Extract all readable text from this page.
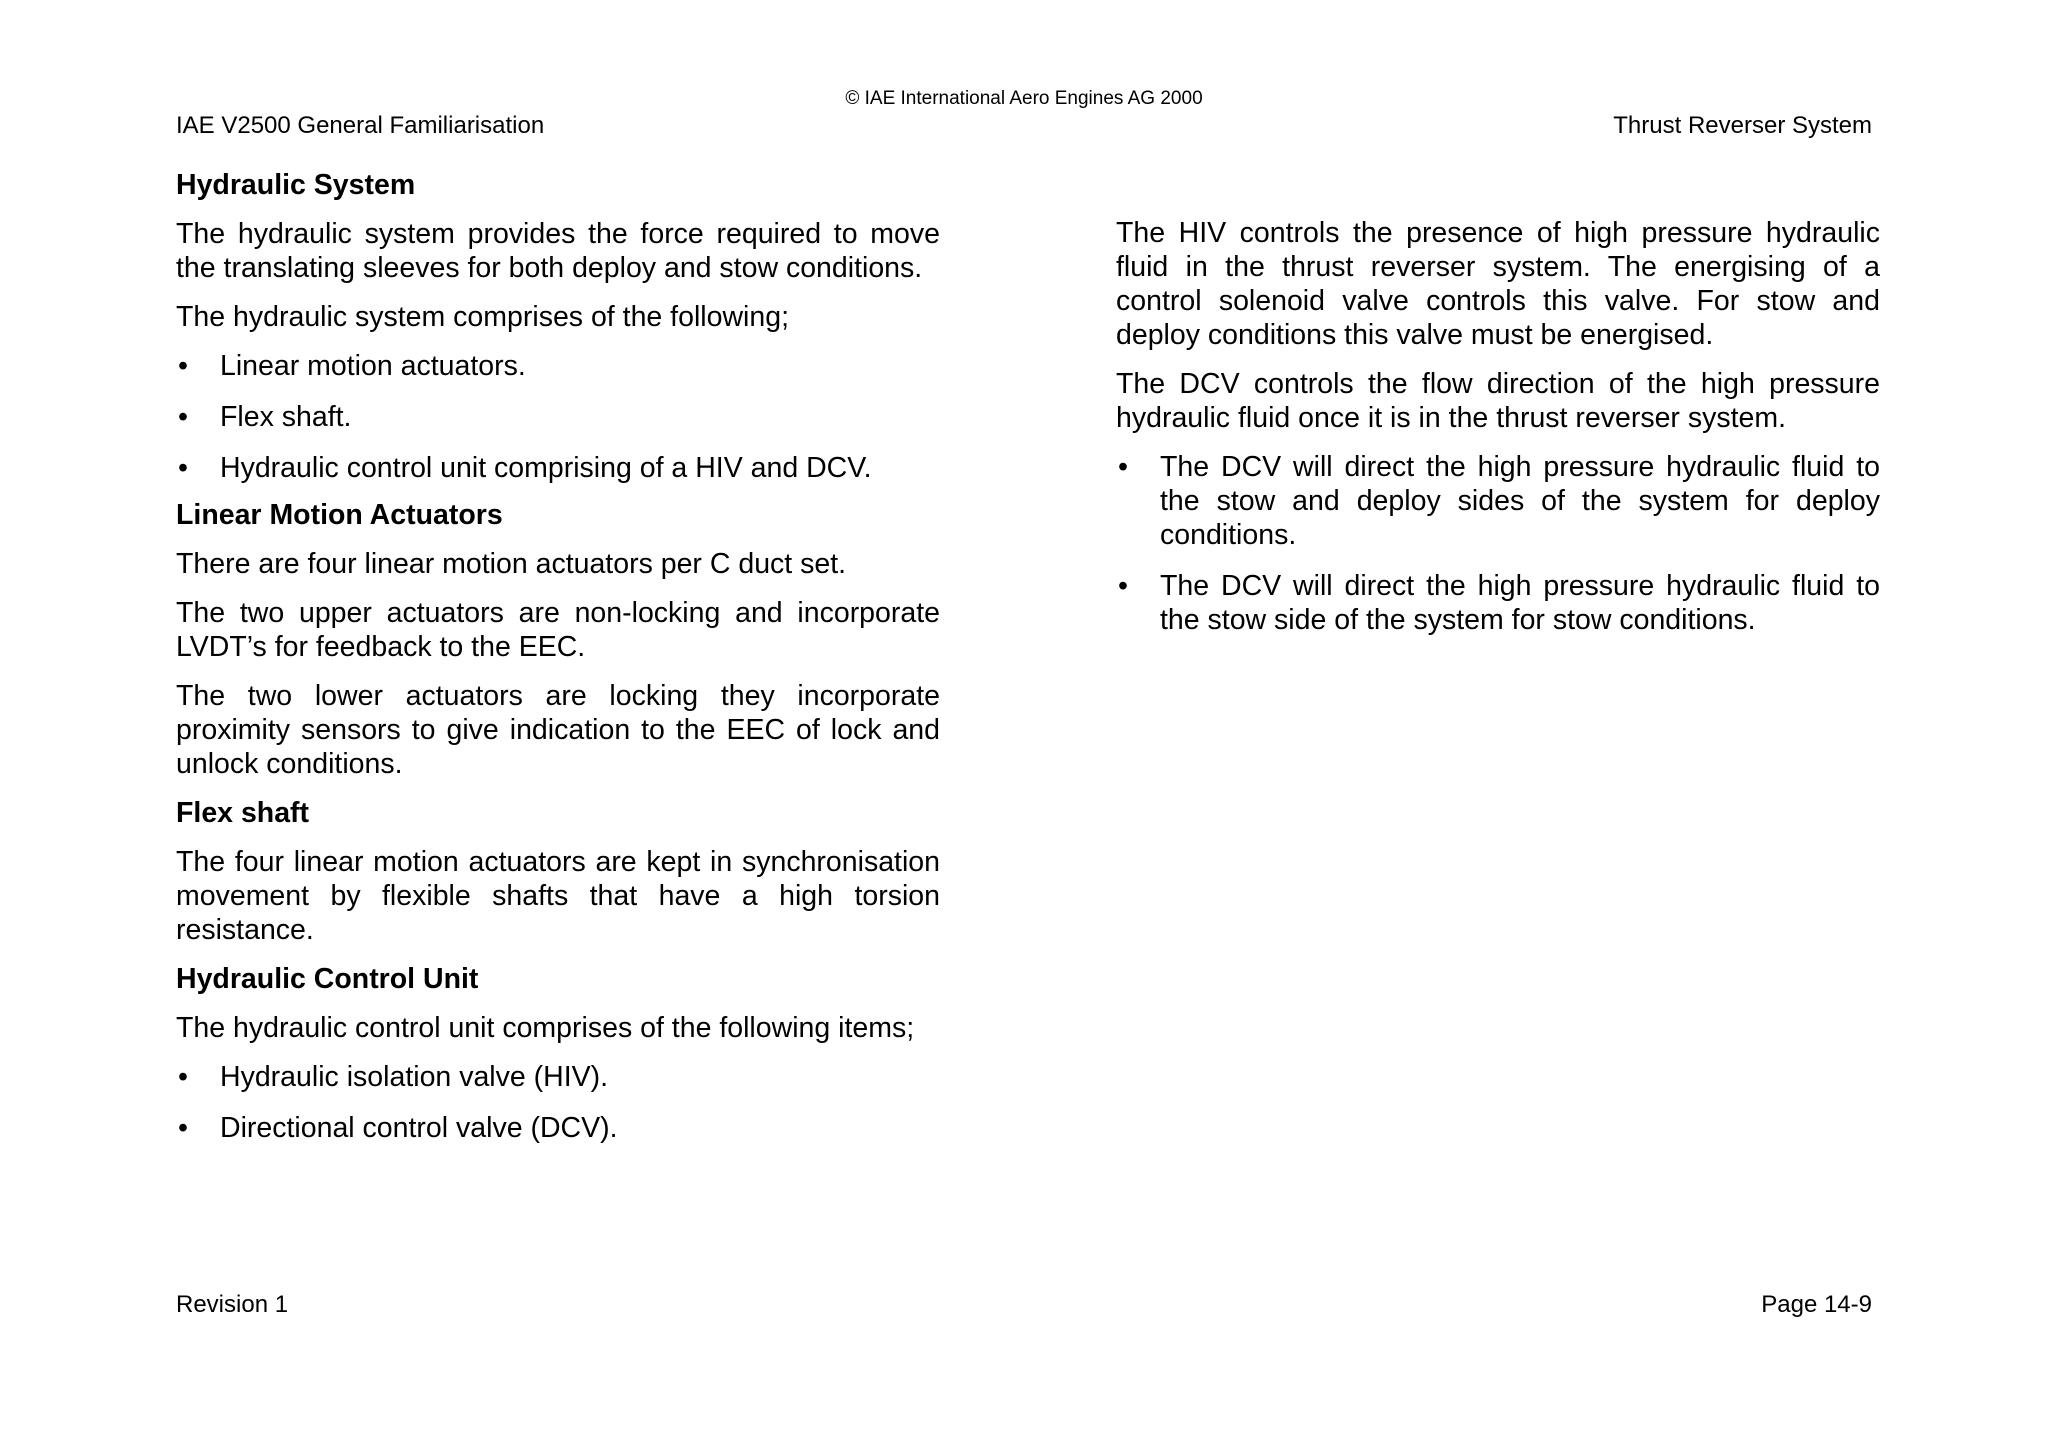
© IAE International Aero Engines AG 2000
IAE V2500 General Familiarisation	Thrust Reverser System
Hydraulic System

The hydraulic system provides the force required to move the translating sleeves for both deploy and stow conditions.

The hydraulic system comprises of the following;

• Linear motion actuators.
• Flex shaft.
• Hydraulic control unit comprising of a HIV and DCV.
Linear Motion Actuators

There are four linear motion actuators per C duct set.

The two upper actuators are non-locking and incorporate LVDT’s for feedback to the EEC.

The two lower actuators are locking they incorporate proximity sensors to give indication to the EEC of lock and unlock conditions.

Flex shaft

The four linear motion actuators are kept in synchronisation movement by flexible shafts that have a high torsion resistance.

Hydraulic Control Unit

The hydraulic control unit comprises of the following items;

• Hydraulic isolation valve (HIV).
• Directional control valve (DCV).

The HIV controls the presence of high pressure hydraulic fluid in the thrust reverser system. The energising of a control solenoid valve controls this valve. For stow and deploy conditions this valve must be energised.

The DCV controls the flow direction of the high pressure hydraulic fluid once it is in the thrust reverser system.

• The DCV will direct the high pressure hydraulic fluid to the stow and deploy sides of the system for deploy conditions.
• The DCV will direct the high pressure hydraulic fluid to the stow side of the system for stow conditions.
Revision 1	Page 14-9
